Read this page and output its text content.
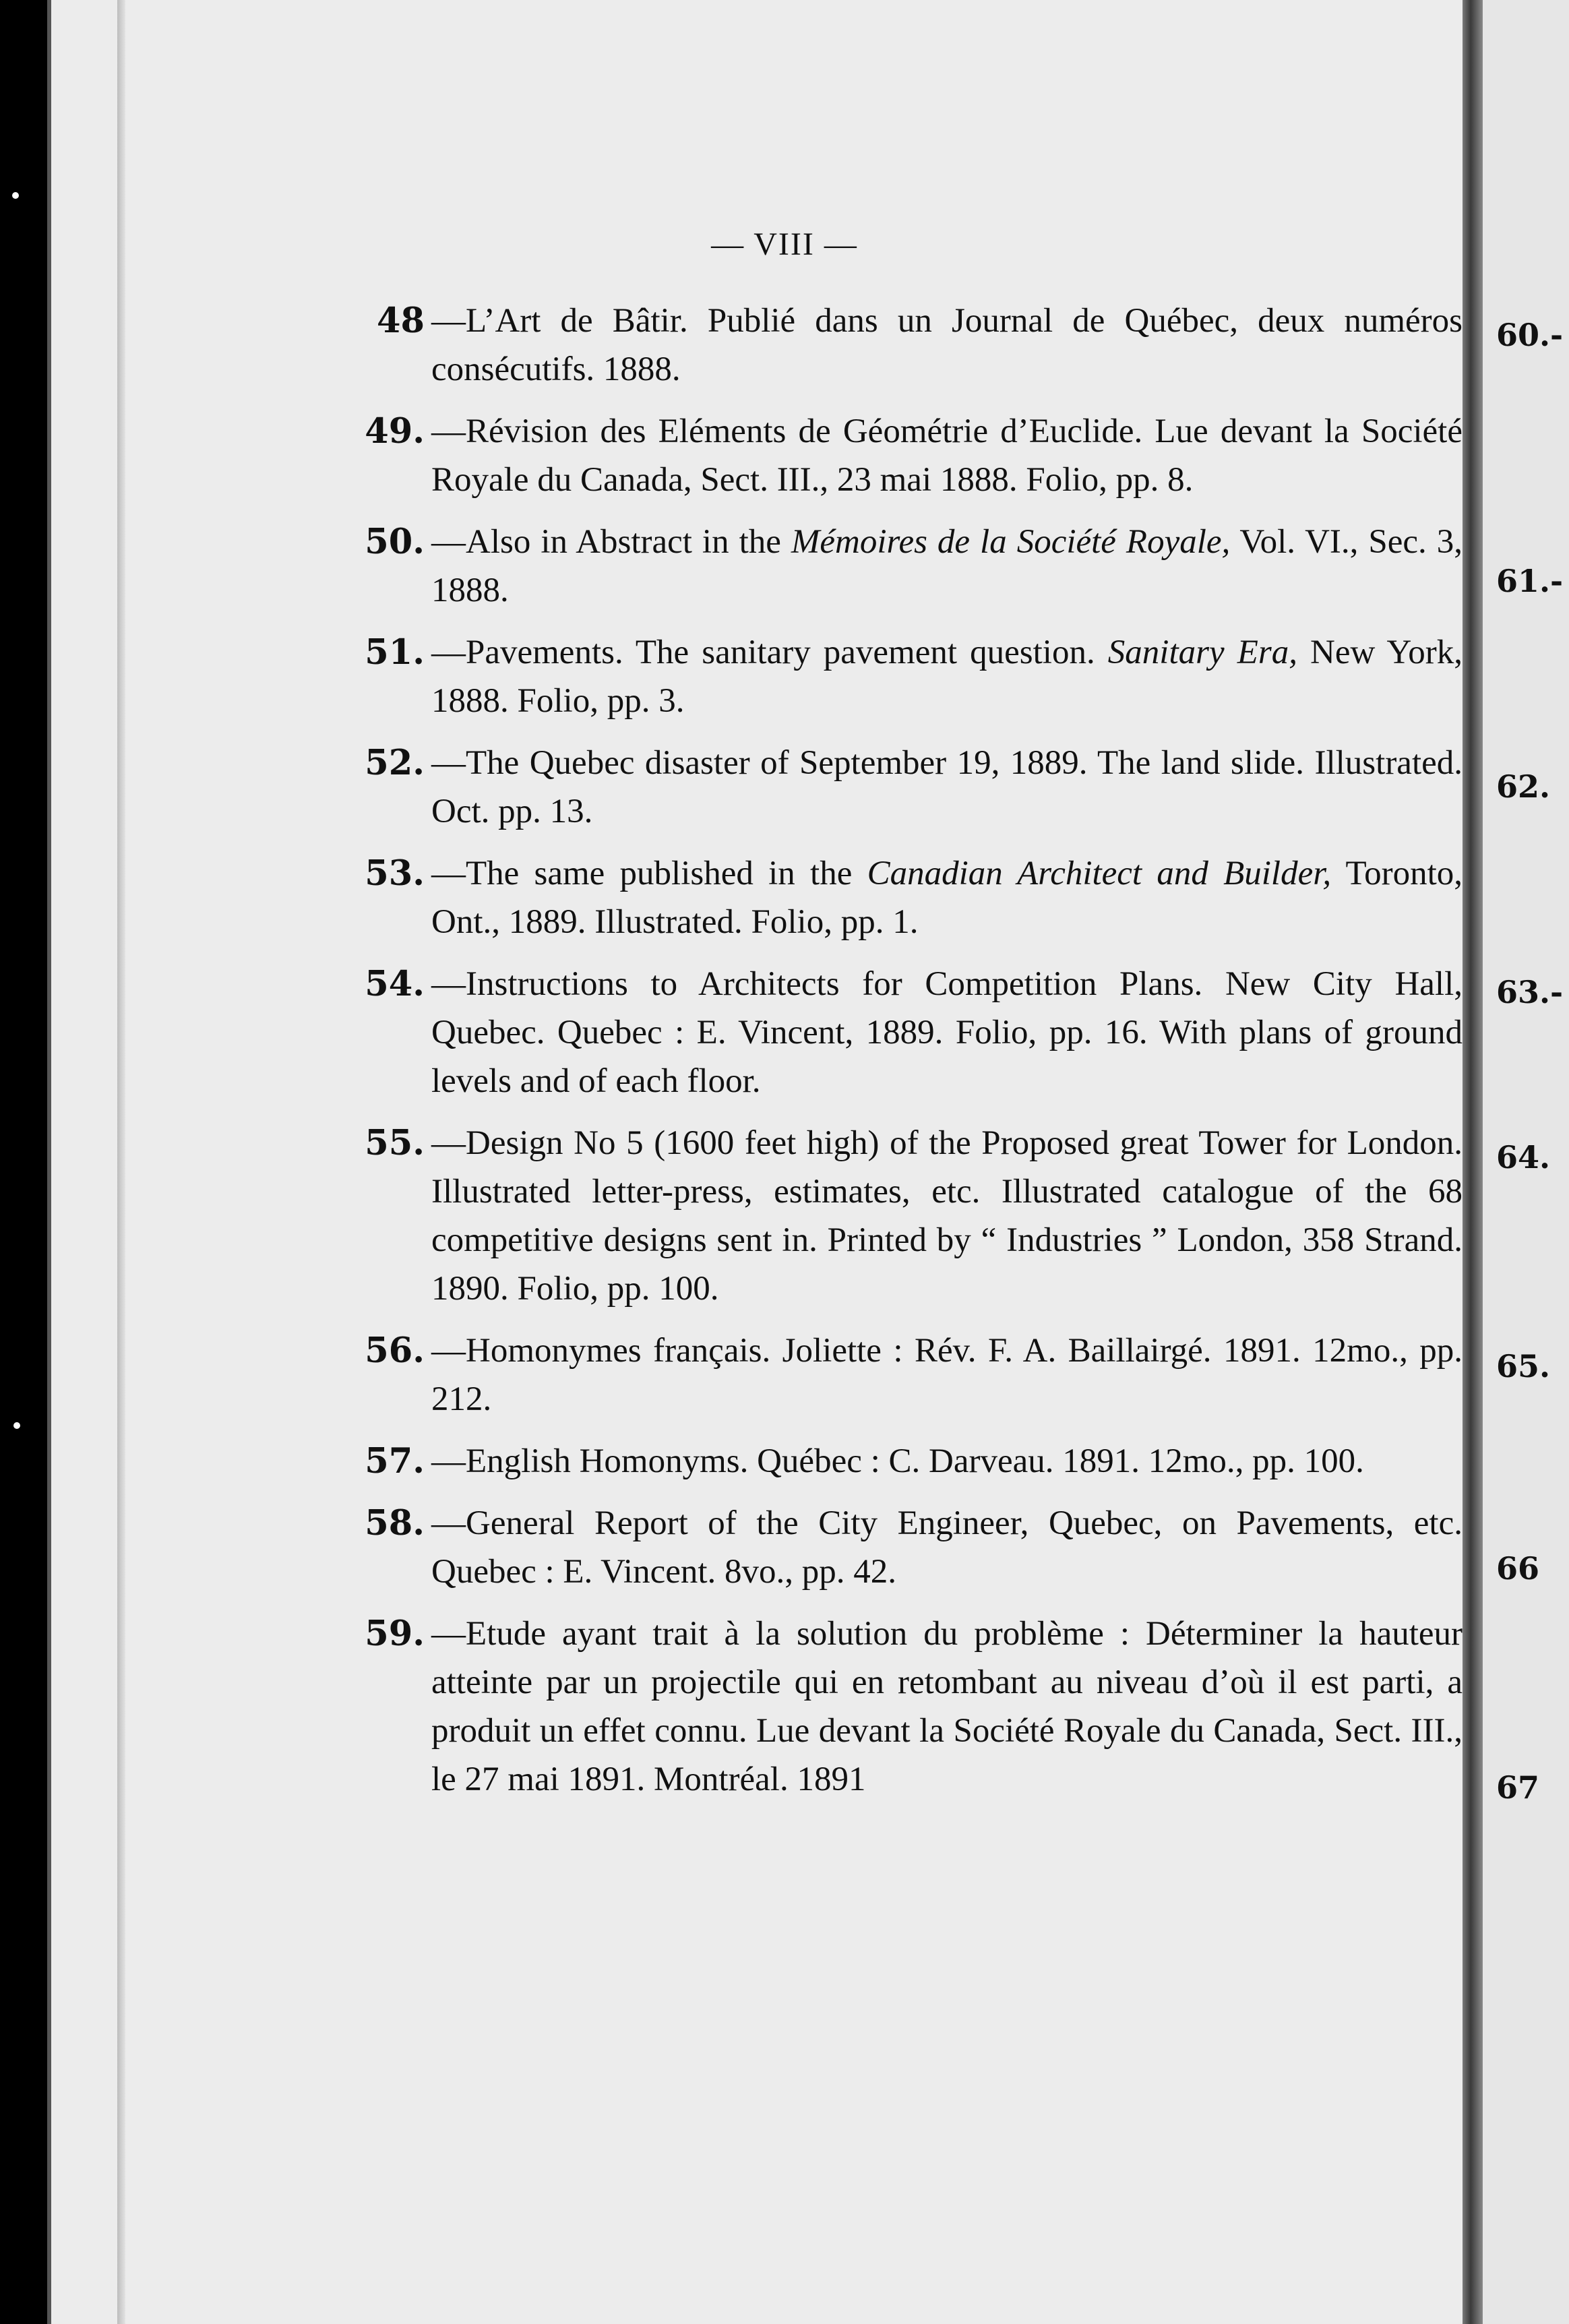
60.-
61.-
62.
63.-
64.
65.
66
67
— VIII —
48 —L’Art de Bâtir. Publié dans un Journal de Québec, deux numéros consécutifs. 1888.
49. —Révision des Eléments de Géométrie d’Euclide. Lue devant la Société Royale du Canada, Sect. III., 23 mai 1888. Folio, pp. 8.
50. —Also in Abstract in the Mémoires de la Société Royale, Vol. VI., Sec. 3, 1888.
51. —Pavements. The sanitary pavement question. Sanitary Era, New York, 1888. Folio, pp. 3.
52. —The Quebec disaster of September 19, 1889. The land slide. Illustrated. Oct. pp. 13.
53. —The same published in the Canadian Architect and Builder, Toronto, Ont., 1889. Illustrated. Folio, pp. 1.
54. —Instructions to Architects for Competition Plans. New City Hall, Quebec. Quebec : E. Vincent, 1889. Folio, pp. 16. With plans of ground levels and of each floor.
55. —Design No 5 (1600 feet high) of the Proposed great Tower for London. Illustrated letter-press, estimates, etc. Illustrated catalogue of the 68 competitive designs sent in. Printed by “ Industries ” London, 358 Strand. 1890. Folio, pp. 100.
56. —Homonymes français. Joliette : Rév. F. A. Baillairgé. 1891. 12mo., pp. 212.
57. —English Homonyms. Québec : C. Darveau. 1891. 12mo., pp. 100.
58. —General Report of the City Engineer, Quebec, on Pavements, etc. Quebec : E. Vincent. 8vo., pp. 42.
59. —Etude ayant trait à la solution du problème : Déterminer la hauteur atteinte par un projectile qui en retombant au niveau d’où il est parti, a produit un effet connu. Lue devant la Société Royale du Canada, Sect. III., le 27 mai 1891. Montréal. 1891
